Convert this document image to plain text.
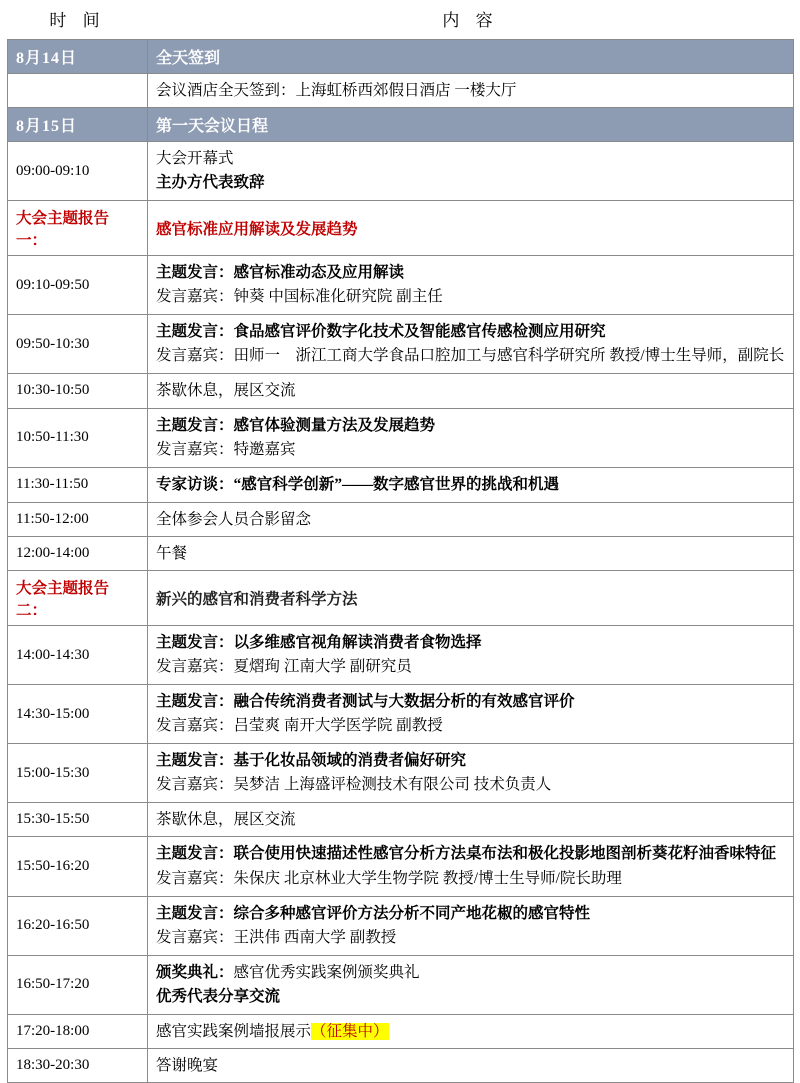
时 间	内 容
8月14日	全天签到
	会议酒店全天签到：上海虹桥西郊假日酒店 一楼大厅
8月15日	第一天会议日程
09:00-09:10	大会开幕式
主办方代表致辞

大会主题报告一：	感官标准应用解读及发展趋势
09:10-09:50	主题发言：感官标准动态及应用解读
发言嘉宾：钟葵 中国标准化研究院 副主任

09:50-10:30	主题发言：食品感官评价数字化技术及智能感官传感检测应用研究
发言嘉宾：田师一　浙江工商大学食品口腔加工与感官科学研究所 教授/博士生导师，副院长

10:30-10:50	茶歇休息，展区交流
10:50-11:30	主题发言：感官体验测量方法及发展趋势
发言嘉宾：特邀嘉宾

11:30-11:50	专家访谈：“感官科学创新”——数字感官世界的挑战和机遇
11:50-12:00	全体参会人员合影留念
12:00-14:00	午餐
大会主题报告二：	新兴的感官和消费者科学方法
14:00-14:30	主题发言：以多维感官视角解读消费者食物选择
发言嘉宾：夏熠珣 江南大学 副研究员

14:30-15:00	主题发言：融合传统消费者测试与大数据分析的有效感官评价
发言嘉宾：吕莹爽 南开大学医学院 副教授

15:00-15:30	主题发言：基于化妆品领域的消费者偏好研究
发言嘉宾：吴梦洁 上海盛评检测技术有限公司 技术负责人

15:30-15:50	茶歇休息，展区交流
15:50-16:20	主题发言：联合使用快速描述性感官分析方法桌布法和极化投影地图剖析葵花籽油香味特征
发言嘉宾：朱保庆 北京林业大学生物学院 教授/博士生导师/院长助理

16:20-16:50	主题发言：综合多种感官评价方法分析不同产地花椒的感官特性
发言嘉宾：王洪伟 西南大学 副教授

16:50-17:20	颁奖典礼：感官优秀实践案例颁奖典礼
优秀代表分享交流

17:20-18:00	感官实践案例墙报展示（征集中）
18:30-20:30	答谢晚宴
